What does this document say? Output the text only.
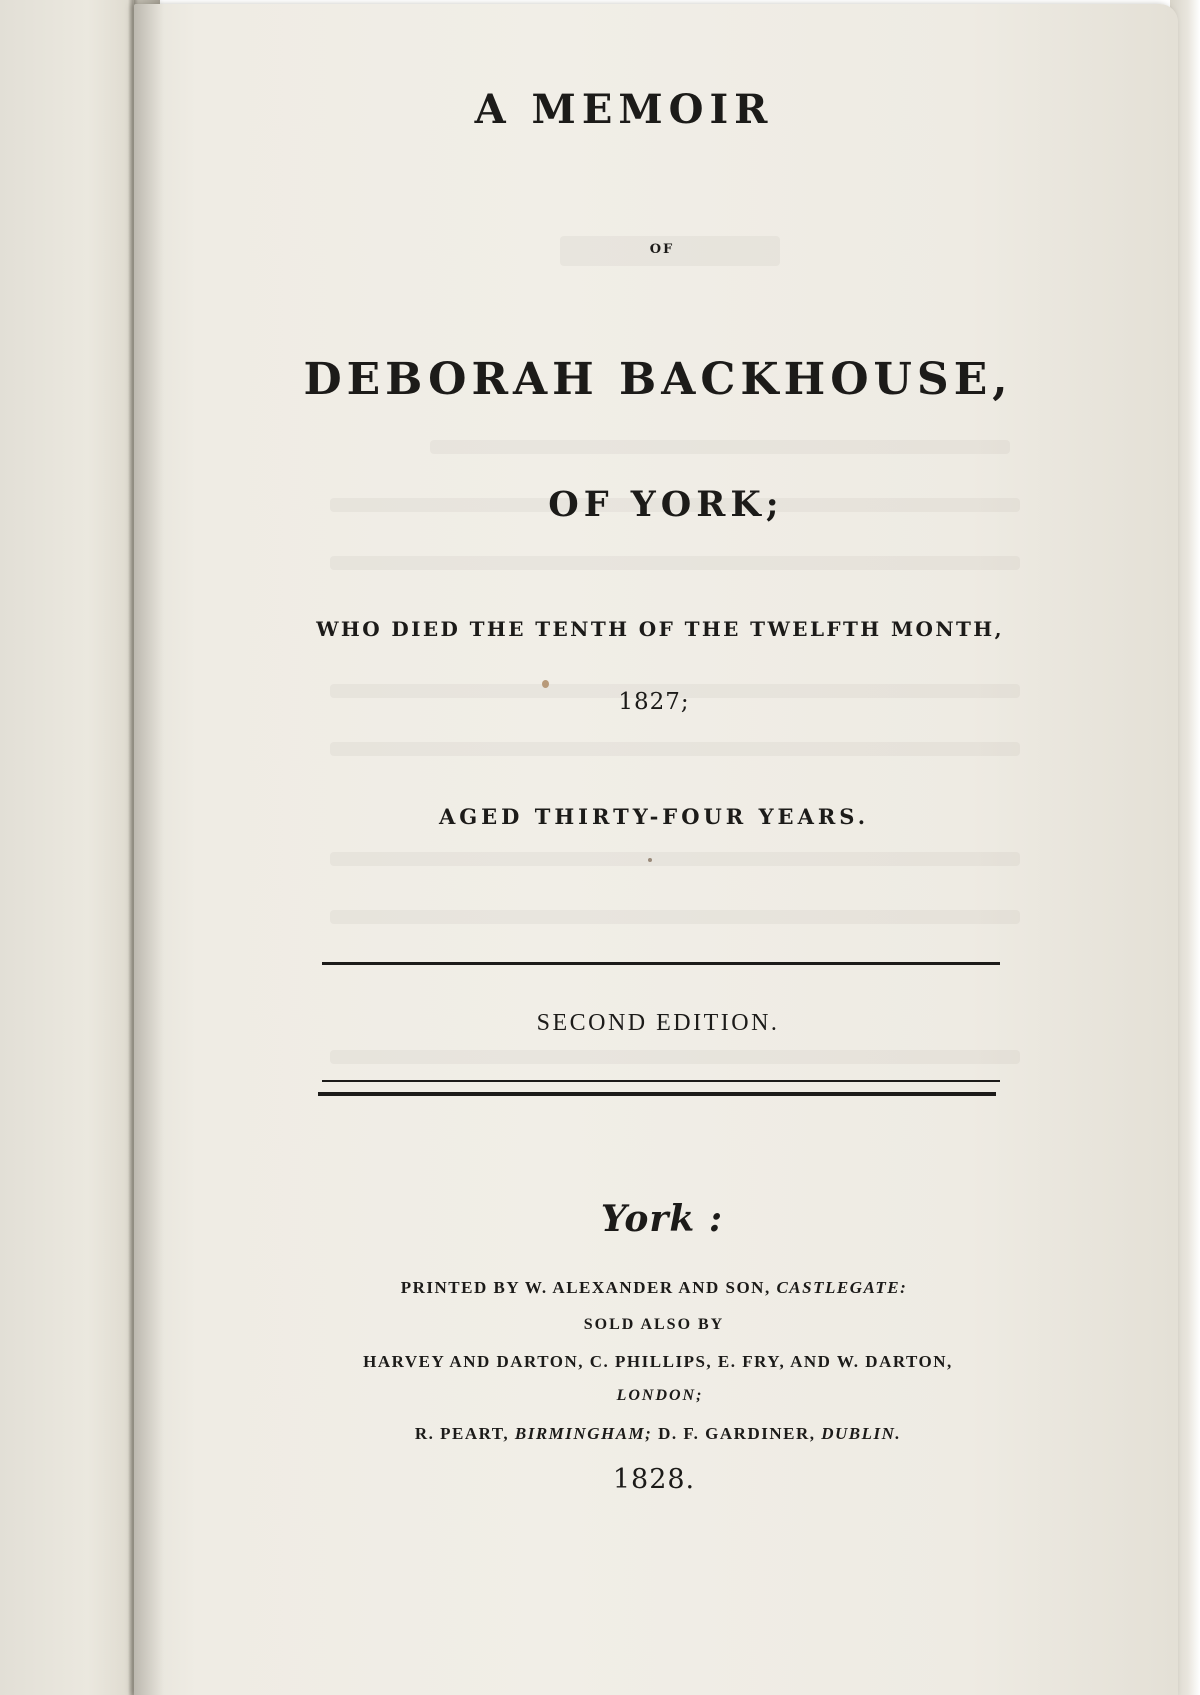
A MEMOIR
OF
DEBORAH BACKHOUSE,
OF YORK;
WHO DIED THE TENTH OF THE TWELFTH MONTH,
1827;
AGED THIRTY-FOUR YEARS.
SECOND EDITION.
York :
PRINTED BY W. ALEXANDER AND SON, CASTLEGATE:
SOLD ALSO BY
HARVEY AND DARTON, C. PHILLIPS, E. FRY, AND W. DARTON,
LONDON;
R. PEART, BIRMINGHAM; D. F. GARDINER, DUBLIN.
1828.
